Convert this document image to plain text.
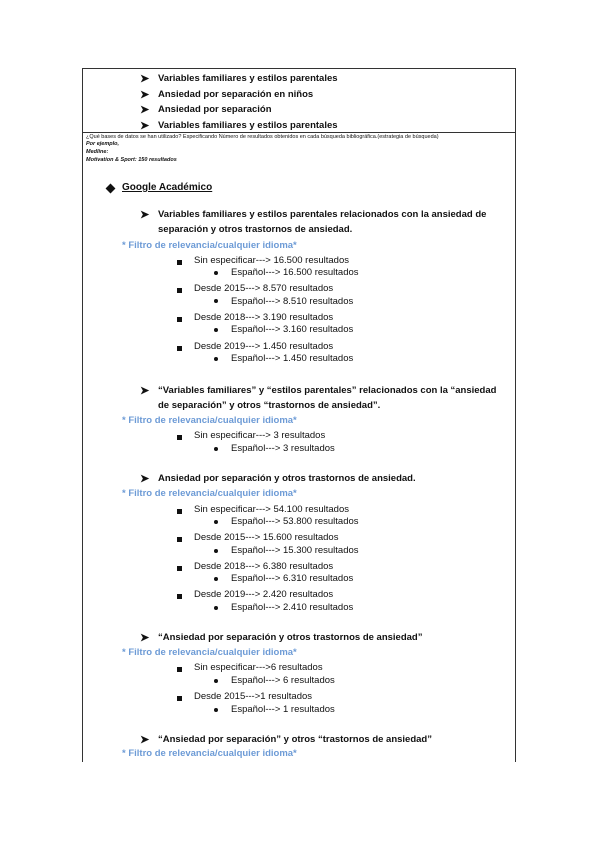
➤ Variables familiares y estilos parentales
➤ Ansiedad por separación en niños
➤ Ansiedad por separación
➤ Variables familiares y estilos parentales
¿Qué bases de datos se han utilizado? Especificando Número de resultados obtenidos en cada búsqueda bibliográfica.(estrategia de búsqueda)
Por ejemplo,
Medline:
Motivation & Sport: 150 resultados
Google Académico
➤ Variables familiares y estilos parentales relacionados con la ansiedad de
separación y otros trastornos de ansiedad.
* Filtro de relevancia/cualquier idioma*
Sin especificar---> 16.500 resultados
Español---> 16.500 resultados
Desde 2015---> 8.570 resultados
Español---> 8.510 resultados
Desde 2018---> 3.190 resultados
Español---> 3.160 resultados
Desde 2019---> 1.450 resultados
Español---> 1.450 resultados
➤ “Variables familiares” y “estilos parentales” relacionados con la “ansiedad
de separación” y otros “trastornos de ansiedad”.
* Filtro de relevancia/cualquier idioma*
Sin especificar---> 3 resultados
Español---> 3 resultados
➤ Ansiedad por separación y otros trastornos de ansiedad.
* Filtro de relevancia/cualquier idioma*
Sin especificar---> 54.100 resultados
Español---> 53.800 resultados
Desde 2015---> 15.600 resultados
Español---> 15.300 resultados
Desde 2018---> 6.380 resultados
Español---> 6.310 resultados
Desde 2019---> 2.420 resultados
Español---> 2.410 resultados
➤ “Ansiedad por separación y otros trastornos de ansiedad”
* Filtro de relevancia/cualquier idioma*
Sin especificar--->6 resultados
Español---> 6 resultados
Desde 2015--->1 resultados
Español---> 1 resultados
➤ “Ansiedad por separación” y otros “trastornos de ansiedad”
* Filtro de relevancia/cualquier idioma*
